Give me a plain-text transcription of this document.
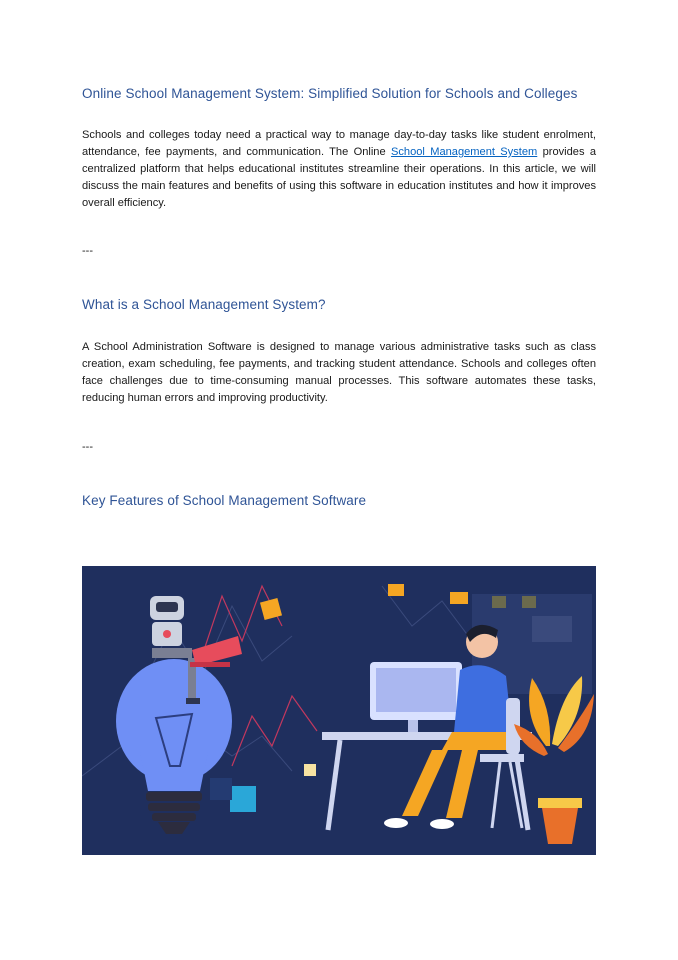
Online School Management System: Simplified Solution for Schools and Colleges

Schools and colleges today need a practical way to manage day-to-day tasks like student enrolment, attendance, fee payments, and communication. The Online School Management System provides a centralized platform that helps educational institutes streamline their operations. In this article, we will discuss the main features and benefits of using this software in education institutes and how it improves overall efficiency.

---

What is a School Management System?

A School Administration Software is designed to manage various administrative tasks such as class creation, exam scheduling, fee payments, and tracking student attendance. Schools and colleges often face challenges due to time-consuming manual processes. This software automates these tasks, reducing human errors and improving productivity.

---

Key Features of School Management Software
